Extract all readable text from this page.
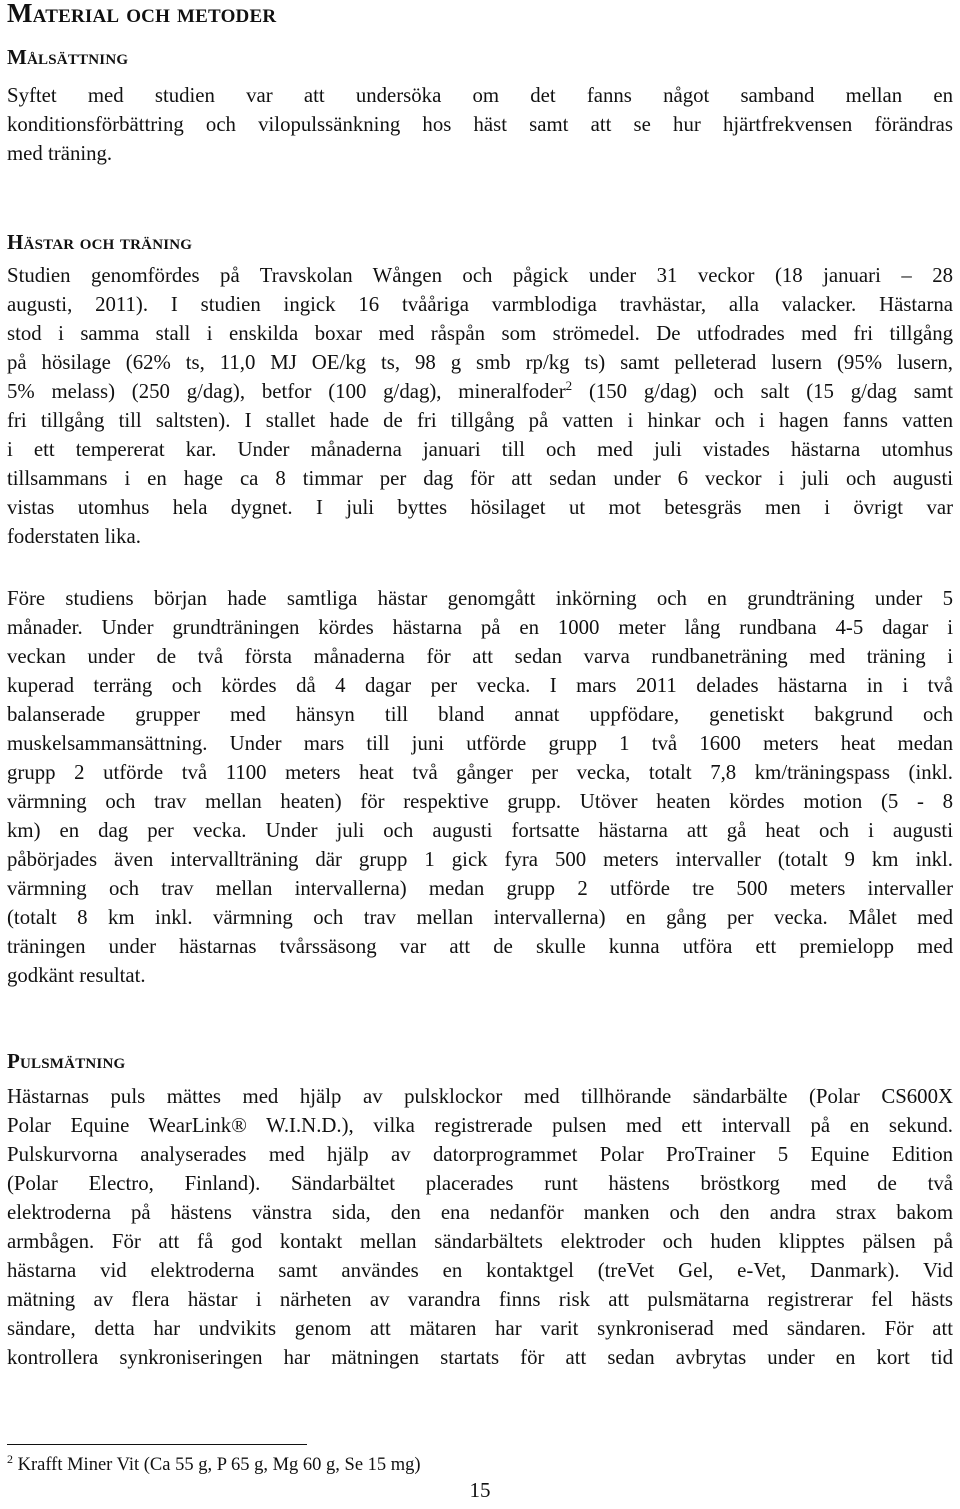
Material och metoder
Målsättning
Syftet med studien var att undersöka om det fanns något samband mellan en
konditionsförbättring och vilopulssänkning hos häst samt att se hur hjärtfrekvensen förändras
med träning.
Hästar och träning
Studien genomfördes på Travskolan Wången och pågick under 31 veckor (18 januari – 28
augusti, 2011). I studien ingick 16 tvååriga varmblodiga travhästar, alla valacker. Hästarna
stod i samma stall i enskilda boxar med råspån som strömedel. De utfodrades med fri tillgång
på hösilage (62% ts, 11,0 MJ OE/kg ts, 98 g smb rp/kg ts) samt pelleterad lusern (95% lusern,
5% melass) (250 g/dag), betfor (100 g/dag), mineralfoder$^2$ (150 g/dag) och salt (15 g/dag samt
fri tillgång till saltsten). I stallet hade de fri tillgång på vatten i hinkar och i hagen fanns vatten
i ett tempererat kar. Under månaderna januari till och med juli vistades hästarna utomhus
tillsammans i en hage ca 8 timmar per dag för att sedan under 6 veckor i juli och augusti
vistas utomhus hela dygnet. I juli byttes hösilaget ut mot betesgräs men i övrigt var
foderstaten lika.
Före studiens början hade samtliga hästar genomgått inkörning och en grundträning under 5
månader. Under grundträningen kördes hästarna på en 1000 meter lång rundbana 4-5 dagar i
veckan under de två första månaderna för att sedan varva rundbaneträning med träning i
kuperad terräng och kördes då 4 dagar per vecka. I mars 2011 delades hästarna in i två
balanserade grupper med hänsyn till bland annat uppfödare, genetiskt bakgrund och
muskelsammansättning. Under mars till juni utförde grupp 1 två 1600 meters heat medan
grupp 2 utförde två 1100 meters heat två gånger per vecka, totalt 7,8 km/träningspass (inkl.
värmning och trav mellan heaten) för respektive grupp. Utöver heaten kördes motion (5 - 8
km) en dag per vecka. Under juli och augusti fortsatte hästarna att gå heat och i augusti
påbörjades även intervallträning där grupp 1 gick fyra 500 meters intervaller (totalt 9 km inkl.
värmning och trav mellan intervallerna) medan grupp 2 utförde tre 500 meters intervaller
(totalt 8 km inkl. värmning och trav mellan intervallerna) en gång per vecka. Målet med
träningen under hästarnas tvårssäsong var att de skulle kunna utföra ett premielopp med
godkänt resultat.
Pulsmätning
Hästarnas puls mättes med hjälp av pulsklockor med tillhörande sändarbälte (Polar CS600X
Polar Equine WearLink® W.I.N.D.), vilka registrerade pulsen med ett intervall på en sekund.
Pulskurvorna analyserades med hjälp av datorprogrammet Polar ProTrainer 5 Equine Edition
(Polar Electro, Finland). Sändarbältet placerades runt hästens bröstkorg med de två
elektroderna på hästens vänstra sida, den ena nedanför manken och den andra strax bakom
armbågen. För att få god kontakt mellan sändarbältets elektroder och huden klipptes pälsen på
hästarna vid elektroderna samt användes en kontaktgel (treVet Gel, e-Vet, Danmark). Vid
mätning av flera hästar i närheten av varandra finns risk att pulsmätarna registrerar fel hästs
sändare, detta har undvikits genom att mätaren har varit synkroniserad med sändaren. För att
kontrollera synkroniseringen har mätningen startats för att sedan avbrytas under en kort tid
$^2$ Krafft Miner Vit (Ca 55 g, P 65 g, Mg 60 g, Se 15 mg)
15
